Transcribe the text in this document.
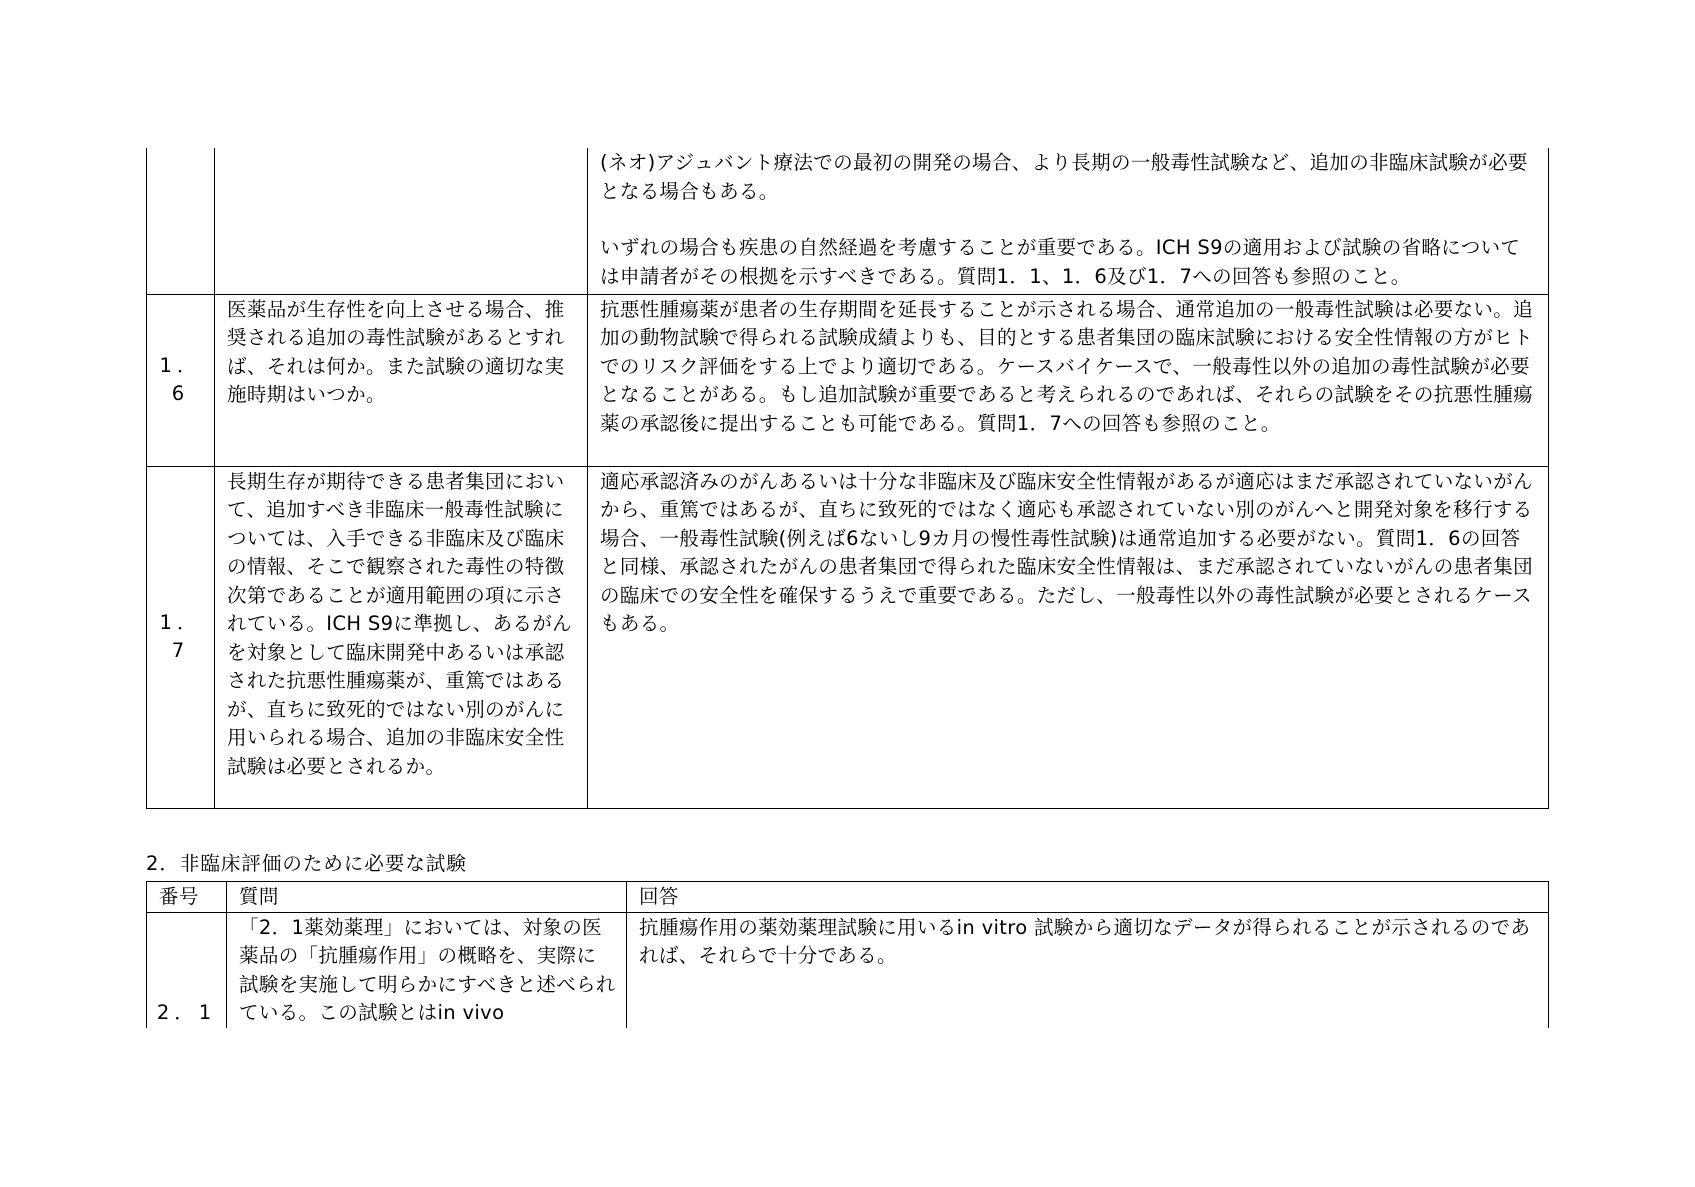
		(ネオ)アジュバント療法での最初の開発の場合、より長期の一般毒性試験など、追加の非臨床試験が必要となる場合もある。
いずれの場合も疾患の自然経過を考慮することが重要である。ICH S9の適用および試験の省略については申請者がその根拠を示すべきである。質問1．1、1．6及び1．7への回答も参照のこと。

1．6	医薬品が生存性を向上させる場合、推奨される追加の毒性試験があるとすれば、それは何か。また試験の適切な実施時期はいつか。	抗悪性腫瘍薬が患者の生存期間を延長することが示される場合、通常追加の一般毒性試験は必要ない。追加の動物試験で得られる試験成績よりも、目的とする患者集団の臨床試験における安全性情報の方がヒトでのリスク評価をする上でより適切である。ケースバイケースで、一般毒性以外の追加の毒性試験が必要となることがある。もし追加試験が重要であると考えられるのであれば、それらの試験をその抗悪性腫瘍薬の承認後に提出することも可能である。質問1．7への回答も参照のこと。
1．7	長期生存が期待できる患者集団において、追加すべき非臨床一般毒性試験については、入手できる非臨床及び臨床の情報、そこで観察された毒性の特徴次第であることが適用範囲の項に示されている。ICH S9に準拠し、あるがんを対象として臨床開発中あるいは承認された抗悪性腫瘍薬が、重篤ではあるが、直ちに致死的ではない別のがんに用いられる場合、追加の非臨床安全性試験は必要とされるか。	適応承認済みのがんあるいは十分な非臨床及び臨床安全性情報があるが適応はまだ承認されていないがんから、重篤ではあるが、直ちに致死的ではなく適応も承認されていない別のがんへと開発対象を移行する場合、一般毒性試験(例えば6ないし9カ月の慢性毒性試験)は通常追加する必要がない。質問1．6の回答と同様、承認されたがんの患者集団で得られた臨床安全性情報は、まだ承認されていないがんの患者集団の臨床での安全性を確保するうえで重要である。ただし、一般毒性以外の毒性試験が必要とされるケースもある。
2．非臨床評価のために必要な試験
番号	質問	回答
2．1	「2．1薬効薬理」においては、対象の医薬品の「抗腫瘍作用」の概略を、実際に試験を実施して明らかにすべきと述べられている。この試験とはin vivo	抗腫瘍作用の薬効薬理試験に用いるin vitro 試験から適切なデータが得られることが示されるのであれば、それらで十分である。
